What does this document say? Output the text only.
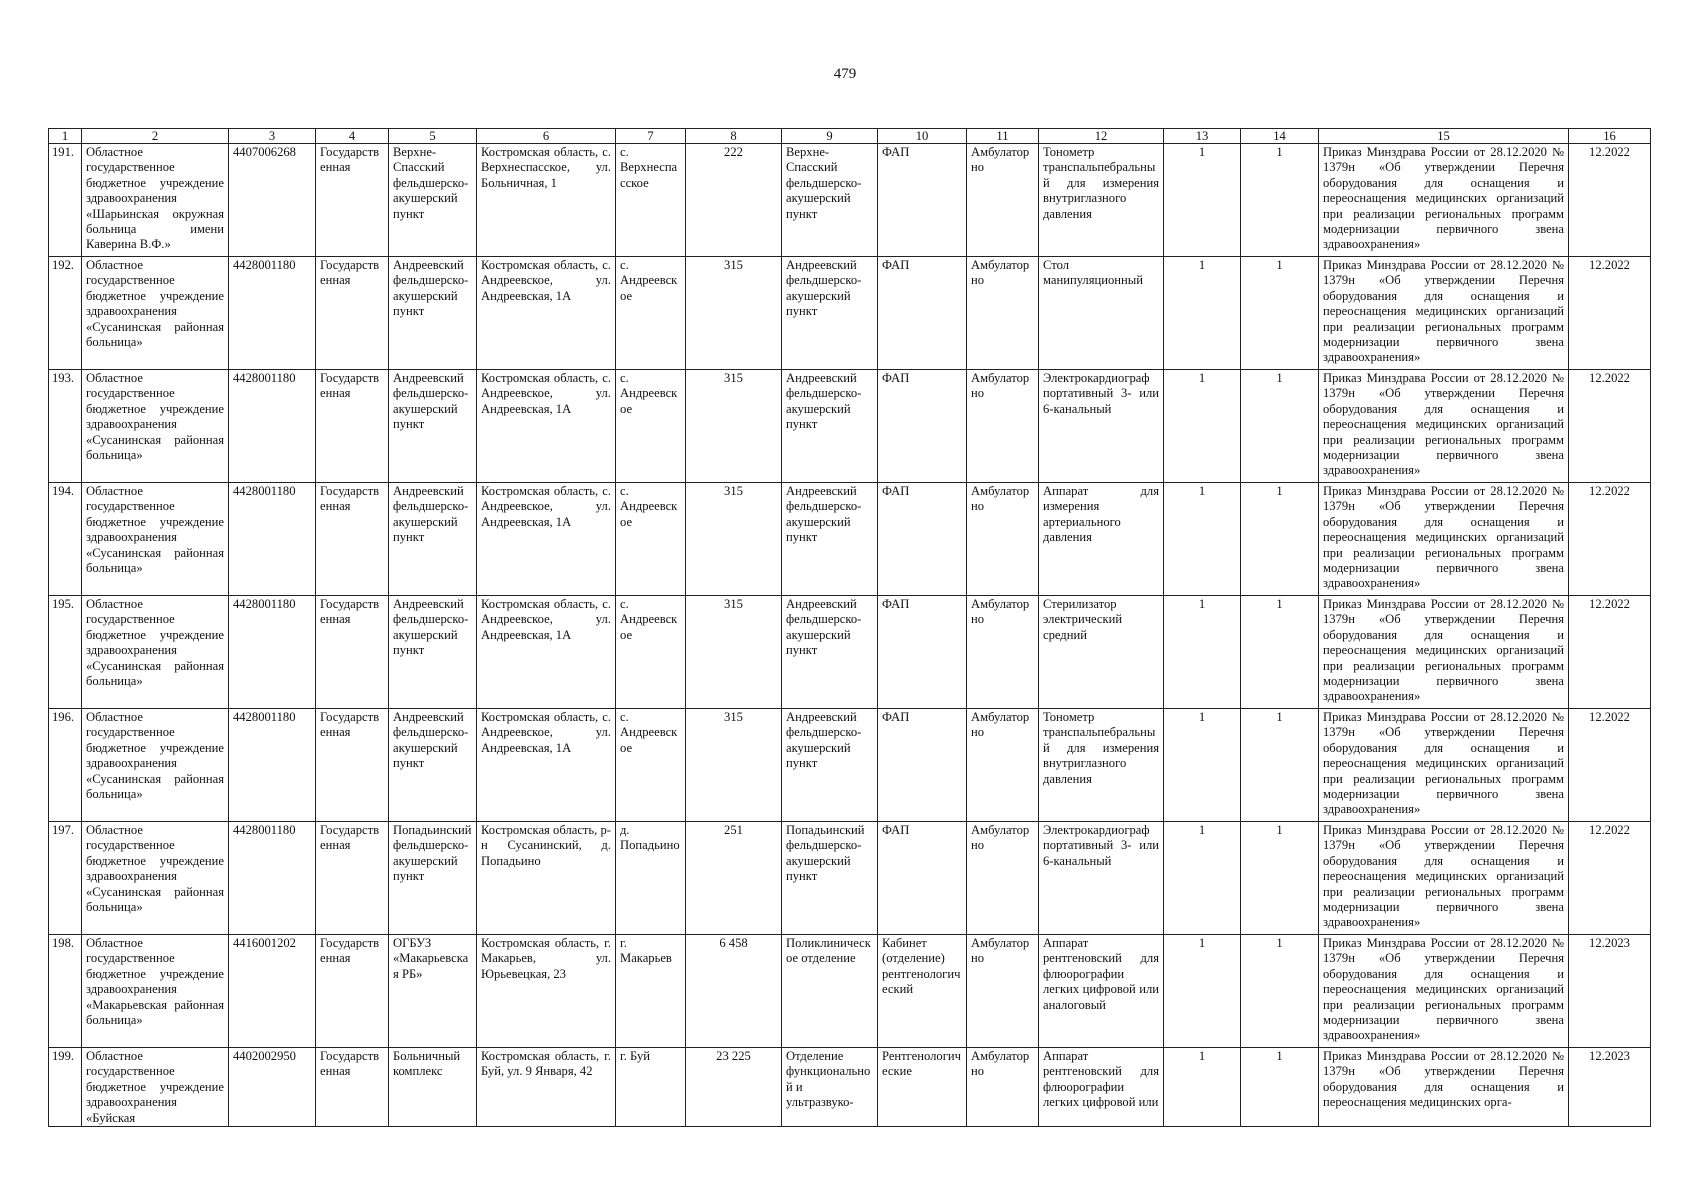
479
1	2	3	4	5	6	7	8	9	10	11	12	13	14	15	16
191.	Областное государственное бюджетное учреждение здравоохранения «Шарьинская окружная больница имени Каверина В.Ф.»	4407006268	Государственная	Верхне-Спасский фельдшерско-акушерский пункт	Костромская область, с. Верхнеспасское, ул. Больничная, 1	с. Верхнеспасское	222	Верхне-Спасский фельдшерско-акушерский пункт	ФАП	Амбулаторно	Тонометр транспальпебральный для измерения внутриглазного давления	1	1	Приказ Минздрава России от 28.12.2020 № 1379н «Об утверждении Перечня оборудования для оснащения и переоснащения медицинских организаций при реализации региональных программ модернизации первичного звена здравоохранения»	12.2022
192.	Областное государственное бюджетное учреждение здравоохранения «Сусанинская районная больница»	4428001180	Государственная	Андреевский фельдшерско-акушерский пункт	Костромская область, с. Андреевское, ул. Андреевская, 1А	с. Андреевское	315	Андреевский фельдшерско-акушерский пункт	ФАП	Амбулаторно	Стол манипуляционный	1	1	Приказ Минздрава России от 28.12.2020 № 1379н «Об утверждении Перечня оборудования для оснащения и переоснащения медицинских организаций при реализации региональных программ модернизации первичного звена здравоохранения»	12.2022
193.	Областное государственное бюджетное учреждение здравоохранения «Сусанинская районная больница»	4428001180	Государственная	Андреевский фельдшерско-акушерский пункт	Костромская область, с. Андреевское, ул. Андреевская, 1А	с. Андреевское	315	Андреевский фельдшерско-акушерский пункт	ФАП	Амбулаторно	Электрокардиограф портативный 3- или 6-канальный	1	1	Приказ Минздрава России от 28.12.2020 № 1379н «Об утверждении Перечня оборудования для оснащения и переоснащения медицинских организаций при реализации региональных программ модернизации первичного звена здравоохранения»	12.2022
194.	Областное государственное бюджетное учреждение здравоохранения «Сусанинская районная больница»	4428001180	Государственная	Андреевский фельдшерско-акушерский пункт	Костромская область, с. Андреевское, ул. Андреевская, 1А	с. Андреевское	315	Андреевский фельдшерско-акушерский пункт	ФАП	Амбулаторно	Аппарат для измерения артериального давления	1	1	Приказ Минздрава России от 28.12.2020 № 1379н «Об утверждении Перечня оборудования для оснащения и переоснащения медицинских организаций при реализации региональных программ модернизации первичного звена здравоохранения»	12.2022
195.	Областное государственное бюджетное учреждение здравоохранения «Сусанинская районная больница»	4428001180	Государственная	Андреевский фельдшерско-акушерский пункт	Костромская область, с. Андреевское, ул. Андреевская, 1А	с. Андреевское	315	Андреевский фельдшерско-акушерский пункт	ФАП	Амбулаторно	Стерилизатор электрический средний	1	1	Приказ Минздрава России от 28.12.2020 № 1379н «Об утверждении Перечня оборудования для оснащения и переоснащения медицинских организаций при реализации региональных программ модернизации первичного звена здравоохранения»	12.2022
196.	Областное государственное бюджетное учреждение здравоохранения «Сусанинская районная больница»	4428001180	Государственная	Андреевский фельдшерско-акушерский пункт	Костромская область, с. Андреевское, ул. Андреевская, 1А	с. Андреевское	315	Андреевский фельдшерско-акушерский пункт	ФАП	Амбулаторно	Тонометр транспальпебральный для измерения внутриглазного давления	1	1	Приказ Минздрава России от 28.12.2020 № 1379н «Об утверждении Перечня оборудования для оснащения и переоснащения медицинских организаций при реализации региональных программ модернизации первичного звена здравоохранения»	12.2022
197.	Областное государственное бюджетное учреждение здравоохранения «Сусанинская районная больница»	4428001180	Государственная	Попадьинский фельдшерско-акушерский пункт	Костромская область, р-н Сусанинский, д. Попадьино	д. Попадьино	251	Попадьинский фельдшерско-акушерский пункт	ФАП	Амбулаторно	Электрокардиограф портативный 3- или 6-канальный	1	1	Приказ Минздрава России от 28.12.2020 № 1379н «Об утверждении Перечня оборудования для оснащения и переоснащения медицинских организаций при реализации региональных программ модернизации первичного звена здравоохранения»	12.2022
198.	Областное государственное бюджетное учреждение здравоохранения «Макарьевская районная больница»	4416001202	Государственная	ОГБУЗ «Макарьевская РБ»	Костромская область, г. Макарьев, ул. Юрьевецкая, 23	г. Макарьев	6 458	Поликлиническое отделение	Кабинет (отделение) рентгенологический	Амбулаторно	Аппарат рентгеновский для флюорографии легких цифровой или аналоговый	1	1	Приказ Минздрава России от 28.12.2020 № 1379н «Об утверждении Перечня оборудования для оснащения и переоснащения медицинских организаций при реализации региональных программ модернизации первичного звена здравоохранения»	12.2023
199.	Областное государственное бюджетное учреждение здравоохранения «Буйская	4402002950	Государственная	Больничный комплекс	Костромская область, г. Буй, ул. 9 Января, 42	г. Буй	23 225	Отделение функциональной и ультразвуко-	Рентгенологические	Амбулаторно	Аппарат рентгеновский для флюорографии легких цифровой или	1	1	Приказ Минздрава России от 28.12.2020 № 1379н «Об утверждении Перечня оборудования для оснащения и переоснащения медицинских орга-	12.2023
